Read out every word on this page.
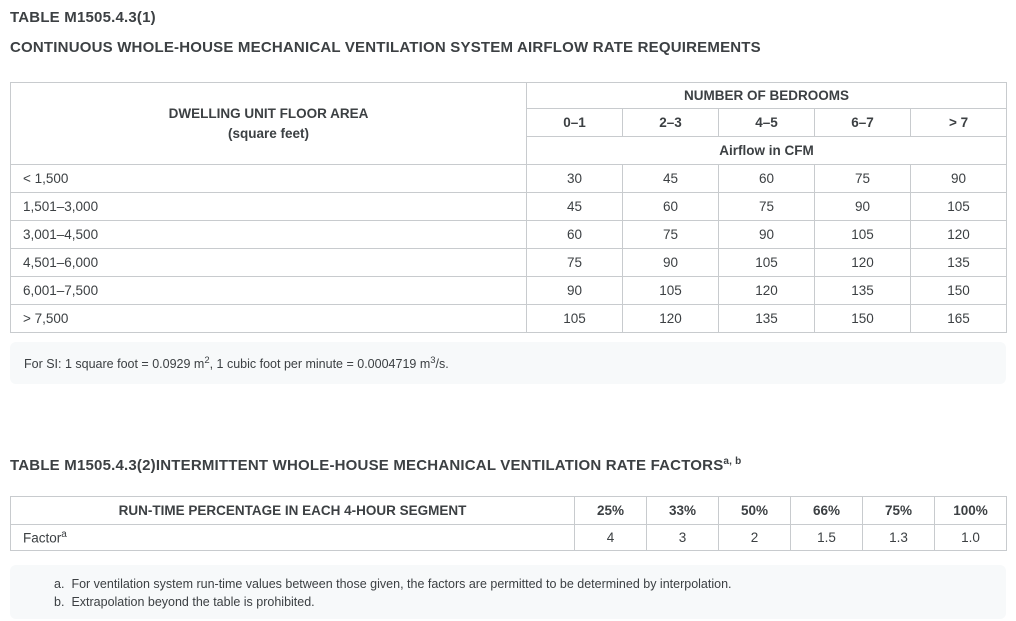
TABLE M1505.4.3(1)
CONTINUOUS WHOLE-HOUSE MECHANICAL VENTILATION SYSTEM AIRFLOW RATE REQUIREMENTS
DWELLING UNIT FLOOR AREA
(square feet)	NUMBER OF BEDROOMS				
	0–1	2–3	4–5	6–7	> 7
	Airflow in CFM				
< 1,500	30	45	60	75	90
1,501–3,000	45	60	75	90	105
3,001–4,500	60	75	90	105	120
4,501–6,000	75	90	105	120	135
6,001–7,500	90	105	120	135	150
> 7,500	105	120	135	150	165
For SI: 1 square foot = 0.0929 $m^2$, 1 cubic foot per minute = 0.0004719 $m^3/s$.
TABLE M1505.4.3(2)INTERMITTENT WHOLE-HOUSE MECHANICAL VENTILATION RATE FACTORS$^{a, b}$
RUN-TIME PERCENTAGE IN EACH 4-HOUR SEGMENT	25%	33%	50%	66%	75%	100%
Factor$^a$	4	3	2	1.5	1.3	1.0
a. For ventilation system run-time values between those given, the factors are permitted to be determined by interpolation.
b. Extrapolation beyond the table is prohibited.
